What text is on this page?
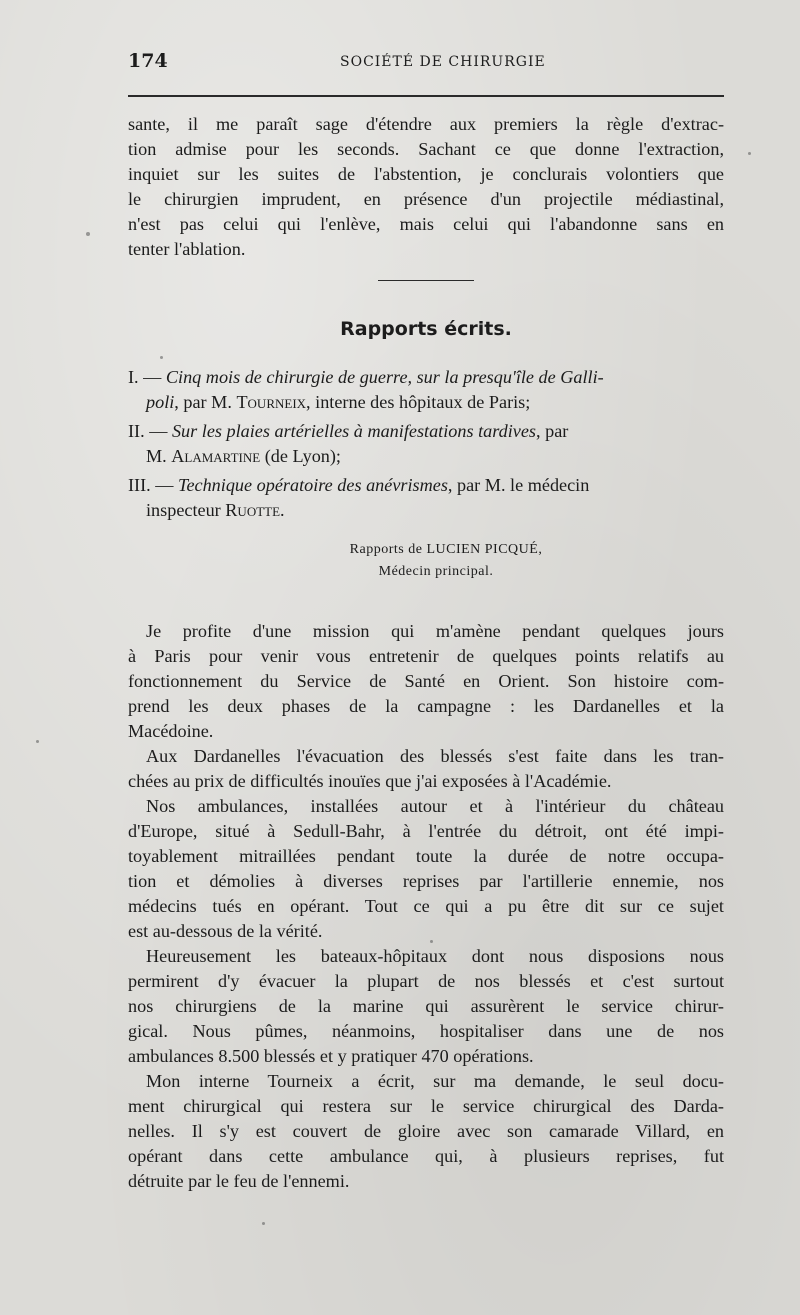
174	SOCIÉTÉ DE CHIRURGIE

sante, il me paraît sage d'étendre aux premiers la règle d'extrac-

tion admise pour les seconds. Sachant ce que donne l'extraction,

inquiet sur les suites de l'abstention, je conclurais volontiers que

le chirurgien imprudent, en présence d'un projectile médiastinal,

n'est pas celui qui l'enlève, mais celui qui l'abandonne sans en

tenter l'ablation.

Rapports écrits.

I. — Cinq mois de chirurgie de guerre, sur la presqu'île de Galli-
poli, par M. Tourneix, interne des hôpitaux de Paris;

II. — Sur les plaies artérielles à manifestations tardives, par
M. Alamartine (de Lyon);

III. — Technique opératoire des anévrismes, par M. le médecin
inspecteur Ruotte.

Rapports de LUCIEN PICQUÉ,
Médecin principal.

Je profite d'une mission qui m'amène pendant quelques jours

à Paris pour venir vous entretenir de quelques points relatifs au

fonctionnement du Service de Santé en Orient. Son histoire com-

prend les deux phases de la campagne : les Dardanelles et la

Macédoine.

Aux Dardanelles l'évacuation des blessés s'est faite dans les tran-

chées au prix de difficultés inouïes que j'ai exposées à l'Académie.

Nos ambulances, installées autour et à l'intérieur du château

d'Europe, situé à Sedull-Bahr, à l'entrée du détroit, ont été impi-

toyablement mitraillées pendant toute la durée de notre occupa-

tion et démolies à diverses reprises par l'artillerie ennemie, nos

médecins tués en opérant. Tout ce qui a pu être dit sur ce sujet

est au-dessous de la vérité.

Heureusement les bateaux-hôpitaux dont nous disposions nous

permirent d'y évacuer la plupart de nos blessés et c'est surtout

nos chirurgiens de la marine qui assurèrent le service chirur-

gical. Nous pûmes, néanmoins, hospitaliser dans une de nos

ambulances 8.500 blessés et y pratiquer 470 opérations.

Mon interne Tourneix a écrit, sur ma demande, le seul docu-

ment chirurgical qui restera sur le service chirurgical des Darda-

nelles. Il s'y est couvert de gloire avec son camarade Villard, en

opérant dans cette ambulance qui, à plusieurs reprises, fut

détruite par le feu de l'ennemi.
